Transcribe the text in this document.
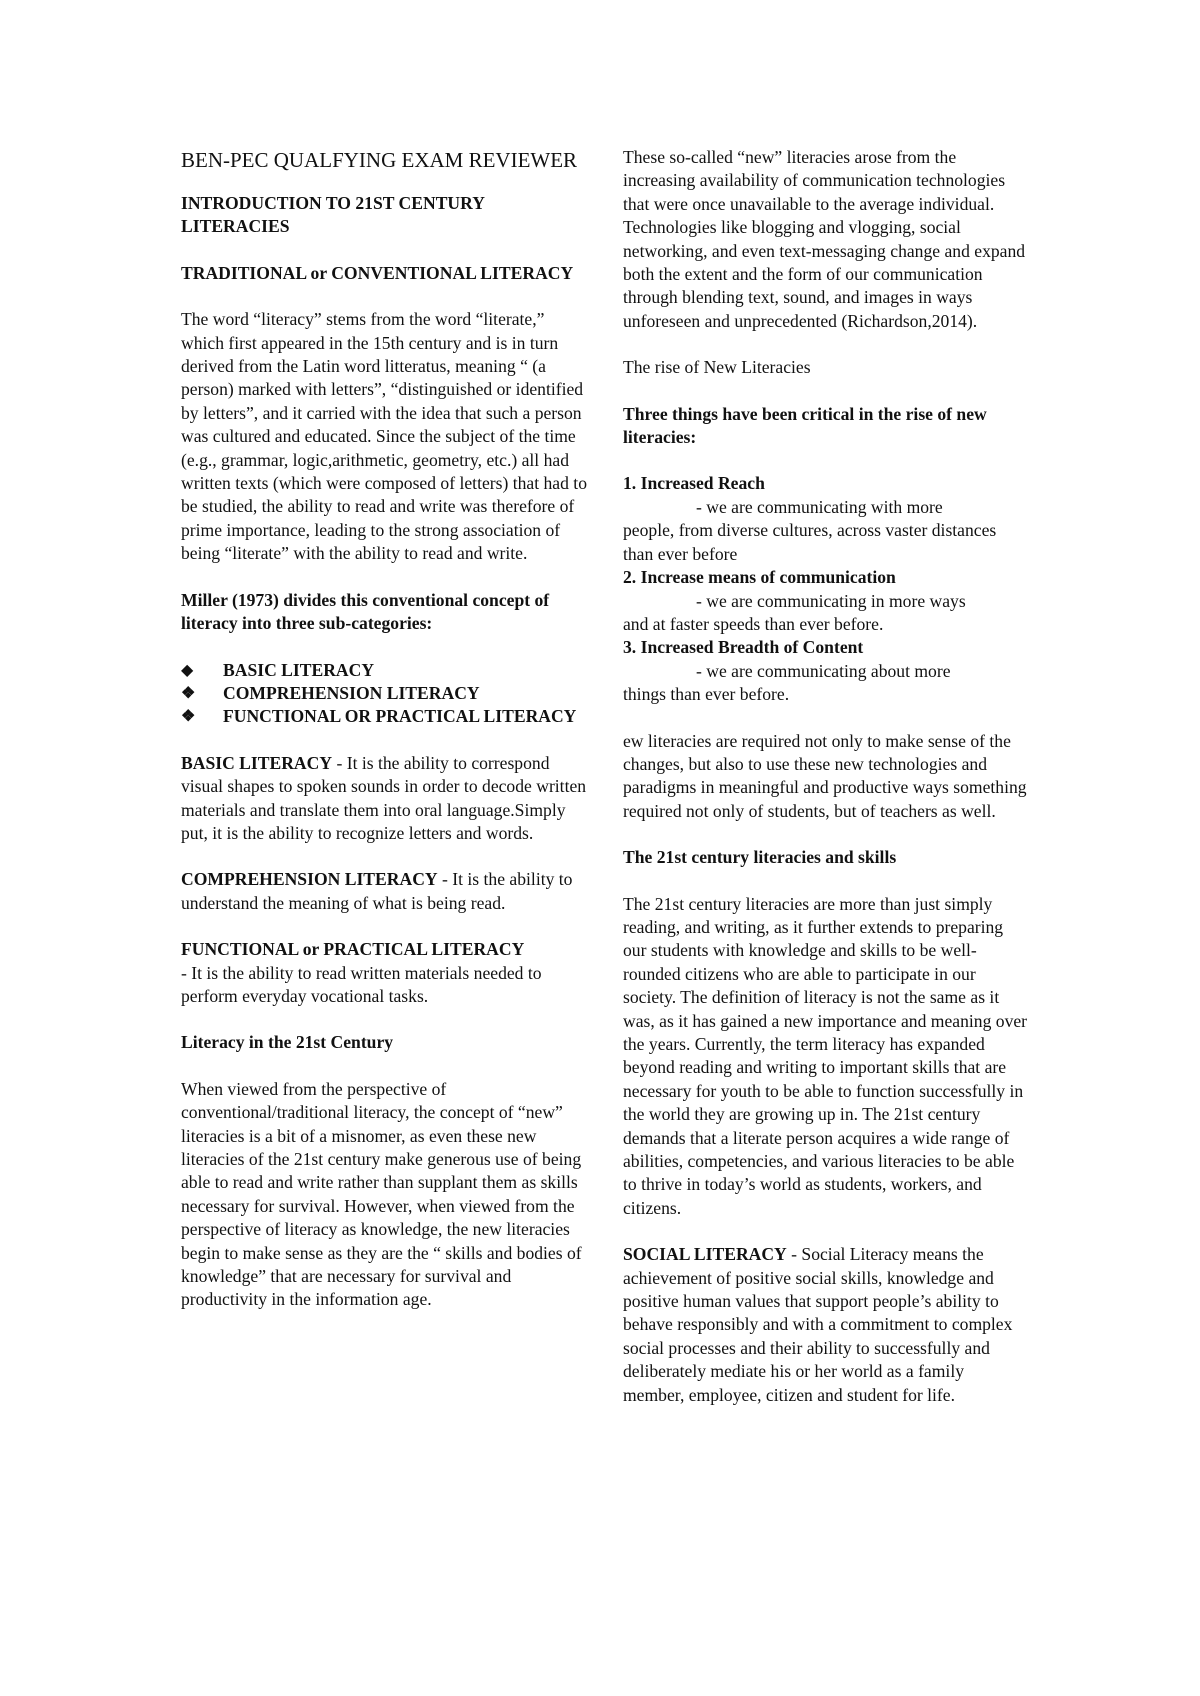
BEN-PEC QUALFYING EXAM REVIEWER
INTRODUCTION TO 21ST CENTURY LITERACIES
TRADITIONAL or CONVENTIONAL LITERACY

The word “literacy” stems from the word “literate,” which first appeared in the 15th century and is in turn derived from the Latin word litteratus, meaning “ (a person) marked with letters”, “distinguished or identified by letters”, and it carried with the idea that such a person was cultured and educated. Since the subject of the time (e.g., grammar, logic,arithmetic, geometry, etc.) all had written texts (which were composed of letters) that had to be studied, the ability to read and write was therefore of prime importance, leading to the strong association of being “literate” with the ability to read and write.

Miller (1973) divides this conventional concept of literacy into three sub-categories:
◆ BASIC LITERACY
❖ COMPREHENSION LITERACY
❖ FUNCTIONAL OR PRACTICAL LITERACY

BASIC LITERACY - It is the ability to correspond visual shapes to spoken sounds in order to decode written materials and translate them into oral language.Simply put, it is the ability to recognize letters and words.

COMPREHENSION LITERACY - It is the ability to understand the meaning of what is being read.

FUNCTIONAL or PRACTICAL LITERACY
- It is the ability to read written materials needed to perform everyday vocational tasks.

Literacy in the 21st Century

When viewed from the perspective of conventional/traditional literacy, the concept of “new” literacies is a bit of a misnomer, as even these new literacies of the 21st century make generous use of being able to read and write rather than supplant them as skills necessary for survival. However, when viewed from the perspective of literacy as knowledge, the new literacies begin to make sense as they are the “ skills and bodies of knowledge” that are necessary for survival and productivity in the information age.

These so-called “new” literacies arose from the increasing availability of communication technologies that were once unavailable to the average individual. Technologies like blogging and vlogging, social networking, and even text-messaging change and expand both the extent and the form of our communication through blending text, sound, and images in ways unforeseen and unprecedented (Richardson,2014).

The rise of New Literacies

Three things have been critical in the rise of new literacies:
1. Increased Reach
- we are communicating with more
people, from diverse cultures, across vaster distances than ever before
2. Increase means of communication
- we are communicating in more ways
and at faster speeds than ever before.
3. Increased Breadth of Content
- we are communicating about more
things than ever before.

ew literacies are required not only to make sense of the changes, but also to use these new technologies and paradigms in meaningful and productive ways something required not only of students, but of teachers as well.

The 21st century literacies and skills

The 21st century literacies are more than just simply reading, and writing, as it further extends to preparing our students with knowledge and skills to be well-rounded citizens who are able to participate in our society. The definition of literacy is not the same as it was, as it has gained a new importance and meaning over the years. Currently, the term literacy has expanded beyond reading and writing to important skills that are necessary for youth to be able to function successfully in the world they are growing up in. The 21st century demands that a literate person acquires a wide range of abilities, competencies, and various literacies to be able to thrive in today’s world as students, workers, and citizens.

SOCIAL LITERACY - Social Literacy means the achievement of positive social skills, knowledge and positive human values that support people’s ability to behave responsibly and with a commitment to complex social processes and their ability to successfully and deliberately mediate his or her world as a family member, employee, citizen and student for life.
